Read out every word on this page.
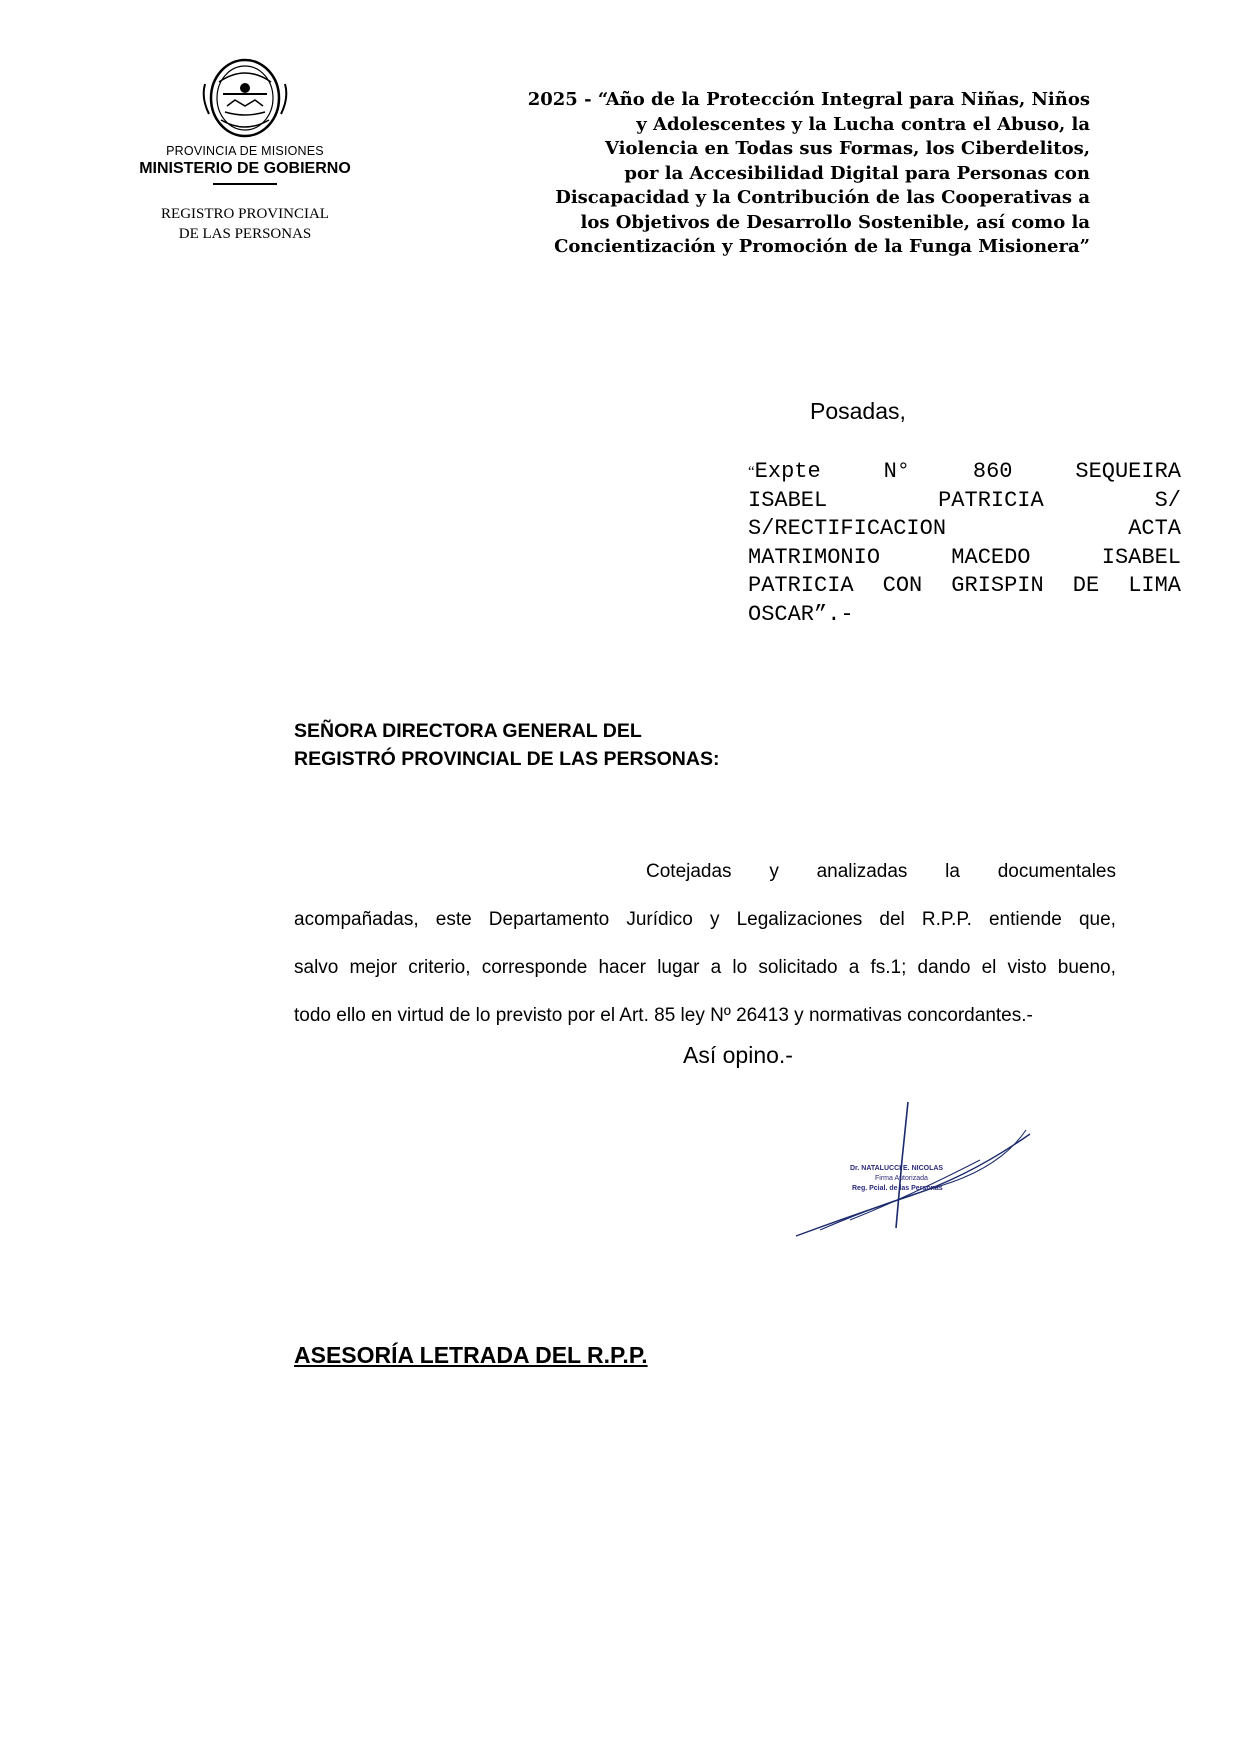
PROVINCIA DE MISIONES
MINISTERIO DE GOBIERNO
REGISTRO PROVINCIAL
DE LAS PERSONAS
2025 - “Año de la Protección Integral para Niñas, Niños
y Adolescentes y la Lucha contra el Abuso, la
Violencia en Todas sus Formas, los Ciberdelitos,
por la Accesibilidad Digital para Personas con
Discapacidad y la Contribución de las Cooperativas a
los Objetivos de Desarrollo Sostenible, así como la
Concientización y Promoción de la Funga Misionera”
Posadas,
“Expte	N°	860	SEQUEIRA
ISABEL	PATRICIA	S/
S/RECTIFICACION	ACTA
MATRIMONIO	MACEDO	ISABEL
PATRICIA CON GRISPIN DE LIMA
OSCAR”.-
SEÑORA DIRECTORA GENERAL DEL
REGISTRÓ PROVINCIAL DE LAS PERSONAS:
Cotejadas y analizadas la documentales
acompañadas, este Departamento Jurídico y Legalizaciones del R.P.P. entiende que,
salvo mejor criterio, corresponde hacer lugar a lo solicitado a fs.1; dando el visto bueno,
todo ello en virtud de lo previsto por el Art. 85 ley Nº 26413 y normativas concordantes.-
Así opino.-
Dr. NATALUCCI E. NICOLAS
Firma Autorizada
Reg. Pcial. de las Personas
ASESORÍA LETRADA DEL R.P.P.
